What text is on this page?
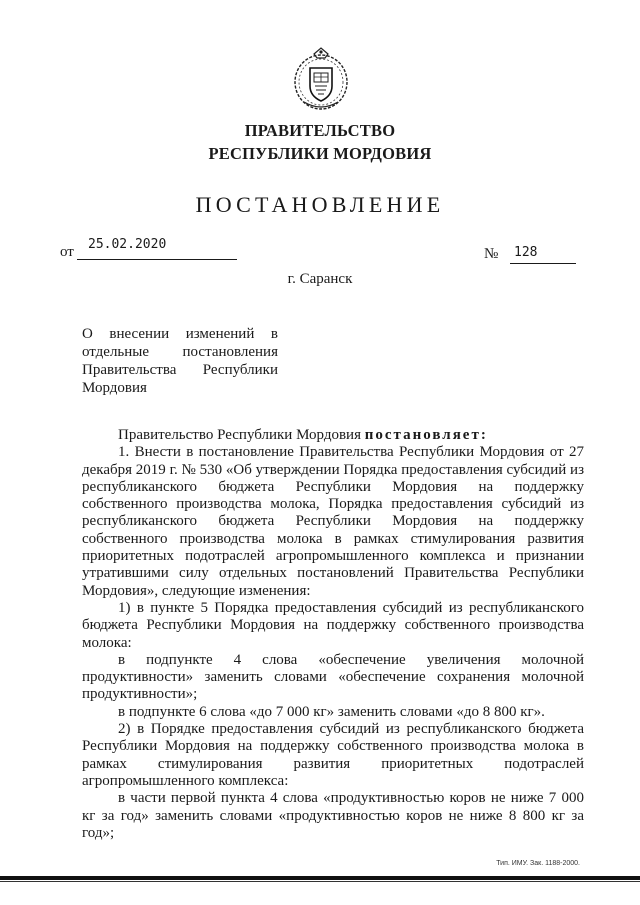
ПРАВИТЕЛЬСТВО
РЕСПУБЛИКИ МОРДОВИЯ
ПОСТАНОВЛЕНИЕ
от 25.02.2020
№ 128
г. Саранск

О внесении изменений в

отдельные постановления

Правительства Республики

Мордовия

Правительство Республики Мордовия постановляет:

1. Внести в постановление Правительства Республики Мордовия от 27 декабря 2019 г. № 530 «Об утверждении Порядка предоставления субсидий из республиканского бюджета Республики Мордовия на поддержку собственного производства молока, Порядка предоставления субсидий из республиканского бюджета Республики Мордовия на поддержку собственного производства молока в рамках стимулирования развития приоритетных подотраслей агропромышленного комплекса и признании утратившими силу отдельных постановлений Правительства Республики Мордовия», следующие изменения:

1) в пункте 5 Порядка предоставления субсидий из республиканского бюджета Республики Мордовия на поддержку собственного производства молока:

в подпункте 4 слова «обеспечение увеличения молочной продуктивности» заменить словами «обеспечение сохранения молочной продуктивности»;

в подпункте 6 слова «до 7 000 кг» заменить словами «до 8 800 кг».

2) в Порядке предоставления субсидий из республиканского бюджета Республики Мордовия на поддержку собственного производства молока в рамках стимулирования развития приоритетных подотраслей агропромышленного комплекса:

в части первой пункта 4 слова «продуктивностью коров не ниже 7 000 кг за год» заменить словами «продуктивностью коров не ниже 8 800 кг за год»;

Тип. ИМУ. Зак. 1188-2000.
